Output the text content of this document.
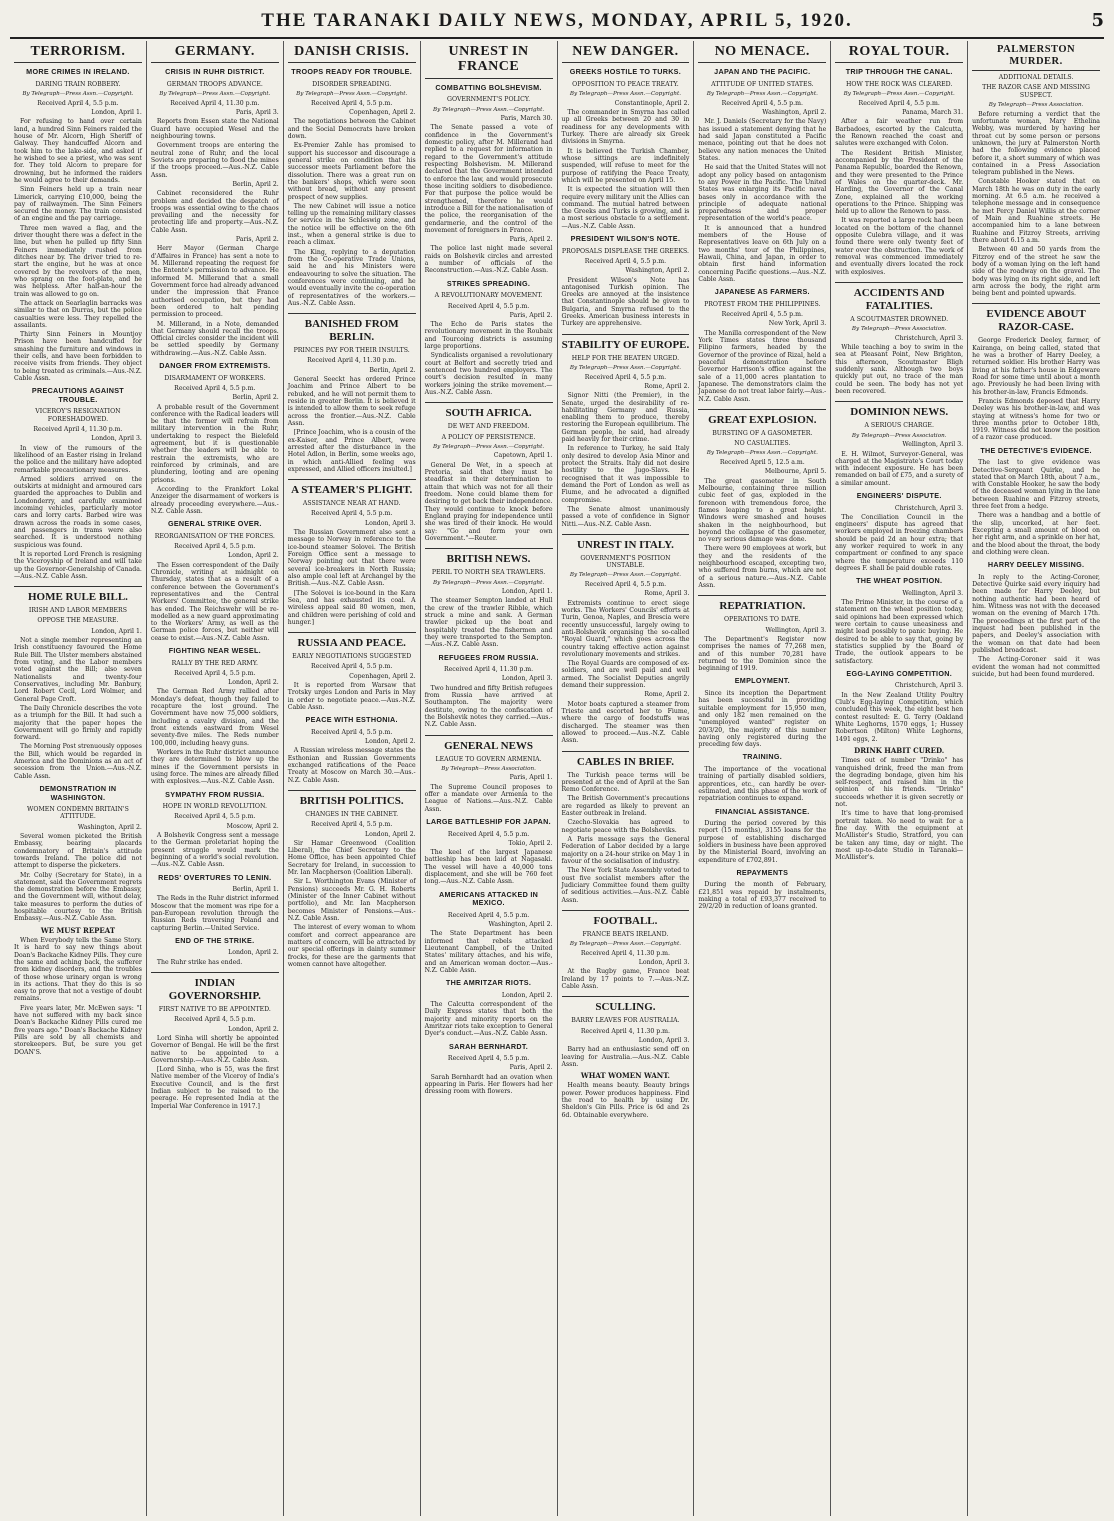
THE TARANAKI DAILY NEWS, MONDAY, APRIL 5, 1920.	5
TERRORISM.
MORE CRIMES IN IRELAND.
DARING TRAIN ROBBERY.
By Telegraph—Press Assn.—Copyright.
Received April 4, 5.5 p.m.
London, April 1.

For refusing to hand over certain land, a hundred Sinn Feiners raided the house of Mr. Alcorn, High Sheriff of Galway. They handcuffed Alcorn and took him to the lake-side, and asked if he wished to see a priest, who was sent for. They told Alcorn to prepare for drowning, but he informed the raiders he would agree to their demands.

Sinn Feiners held up a train near Limerick, carrying £10,000, being the pay of railwaymen. The Sinn Feiners secured the money. The train consisted of an engine and the pay carriage.

Three men waved a flag, and the driver thought there was a defect in the line, but when he pulled up fifty Sinn Feiners immediately rushed from ditches near by. The driver tried to re-start the engine, but he was at once covered by the revolvers of the men, who sprang on the foot-plate, and he was helpless. After half-an-hour the train was allowed to go on.

The attack on Searlaglin barracks was similar to that on Durras, but the police casualties were less. They repelled the assailants.

Thirty Sinn Feiners in Mountjoy Prison have been handcuffed for smashing the furniture and windows in their cells, and have been forbidden to receive visits from friends. They object to being treated as criminals.—Aus.-N.Z. Cable Assn.

PRECAUTIONS AGAINST TROUBLE.
VICEROY'S RESIGNATION FORESHADOWED.
Received April 4, 11.30 p.m.
London, April 3.

In view of the rumours of the likelihood of an Easter rising in Ireland the police and the military have adopted remarkable precautionary measures.

Armed soldiers arrived on the outskirts at midnight and armoured cars guarded the approaches to Dublin and Londonderry, and carefully examined incoming vehicles, particularly motor cars and lorry carts. Barbed wire was drawn across the roads in some cases, and passengers in trams were also searched. It is understood nothing suspicious was found.

It is reported Lord French is resigning the Viceroyship of Ireland and will take up the Governor-Generalship of Canada.—Aus.-N.Z. Cable Assn.

HOME RULE BILL.
IRISH AND LABOR MEMBERS
OPPOSE THE MEASURE.
London, April 1.

Not a single member representing an Irish constituency favoured the Home Rule Bill. The Ulster members abstained from voting, and the Labor members voted against the Bill; also seven Nationalists and twenty-four Conservatives, including Mr. Banbury, Lord Robert Cecil, Lord Wolmer, and General Page Croft.

The Daily Chronicle describes the vote as a triumph for the Bill. It had such a majority that the paper hopes the Government will go firmly and rapidly forward.

The Morning Post strenuously opposes the Bill, which would be regarded in America and the Dominions as an act of secession from the Union.—Aus.-N.Z. Cable Assn.

DEMONSTRATION IN WASHINGTON.
WOMEN CONDEMN BRITAIN'S ATTITUDE.
Washington, April 2.

Several women picketed the British Embassy, bearing placards condemnatory of Britain's attitude towards Ireland. The police did not attempt to disperse the picketers.

Mr. Colby (Secretary for State), in a statement, said the Government regrets the demonstration before the Embassy, and the Government will, without delay, take measures to perform the duties of hospitable courtesy to the British Embassy.—Aus.-N.Z. Cable Assn.

WE MUST REPEAT

When Everybody tells the Same Story. It is hard to say new things about Doan's Backache Kidney Pills. They cure the same and aching back, the sufferer from kidney disorders, and the troubles of those whose urinary organ is wrong in its actions. That they do this is so easy to prove that not a vestige of doubt remains.

Five years later, Mr. McEwen says: "I have not suffered with my back since Doan's Backache Kidney Pills cured me five years ago." Doan's Backache Kidney Pills are sold by all chemists and storekeepers. But, be sure you get DOAN'S.

GERMANY.
CRISIS IN RUHR DISTRICT.
GERMAN TROOPS ADVANCE.
By Telegraph—Press Assn.—Copyright.
Received April 4, 11.30 p.m.
Paris, April 3.

Reports from Essen state the National Guard have occupied Wesel and the neighbouring towns.

Government troops are entering the neutral zone of Ruhr, and the local Soviets are preparing to flood the mines if the troops proceed.—Aus.-N.Z. Cable Assn.

Berlin, April 2.

Cabinet reconsidered the Ruhr problem and decided the despatch of troops was essential owing to the chaos prevailing and the necessity for protecting life and property.—Aus.-N.Z. Cable Assn.

Paris, April 2.

Herr Mayor (German Charge d'Affaires in France) has sent a note to M. Millerand repeating the request for the Entente's permission to advance. He informed M. Millerand that a small Government force had already advanced under the impression that France authorised occupation, but they had been ordered to halt pending permission to proceed.

M. Millerand, in a Note, demanded that Germany should recall the troops. Official circles consider the incident will be settled speedily by Germany withdrawing.—Aus.-N.Z. Cable Assn.

DANGER FROM EXTREMISTS.
DISARMAMENT OF WORKERS.
Received April 4, 5.5 p.m.
Berlin, April 2.

A probable result of the Government conference with the Radical leaders will be that the former will refrain from military intervention in the Ruhr, undertaking to respect the Bielefeld agreement, but it is questionable whether the leaders will be able to restrain the extremists, who are reinforced by criminals, and are plundering, looting and are opening prisons.

According to the Frankfort Lokal Anzeiger the disarmament of workers is already proceeding everywhere.—Aus.-N.Z. Cable Assn.

GENERAL STRIKE OVER.
REORGANISATION OF THE FORCES.
Received April 4, 5.5 p.m.
London, April 2.

The Essen correspondent of the Daily Chronicle, writing at midnight on Thursday, states that as a result of a conference between the Government's representatives and the Central Workers' Committee, the general strike has ended. The Reichswehr will be re-modelled as a new guard approximating to the Workers' Army, as well as the German police forces, but neither will cease to exist.—Aus.-N.Z. Cable Assn.

FIGHTING NEAR WESEL.
RALLY BY THE RED ARMY.
Received April 4, 5.5 p.m.
London, April 2.

The German Red Army rallied after Monday's defeat, though they failed to recapture the lost ground. The Government have now 75,000 soldiers, including a cavalry division, and the front extends eastward from Wesel seventy-five miles. The Reds number 100,000, including heavy guns.

Workers in the Ruhr district announce they are determined to blow up the mines if the Government persists in using force. The mines are already filled with explosives.—Aus.-N.Z. Cable Assn.

SYMPATHY FROM RUSSIA.
HOPE IN WORLD REVOLUTION.
Received April 4, 5.5 p.m.
Moscow, April 2.

A Bolshevik Congress sent a message to the German proletariat hoping the present struggle would mark the beginning of a world's social revolution.—Aus.-N.Z. Cable Assn.

REDS' OVERTURES TO LENIN.
Berlin, April 1.

The Reds in the Ruhr district informed Moscow that the moment was ripe for a pan-European revolution through the Russian Reds traversing Poland and capturing Berlin.—United Service.

END OF THE STRIKE.
London, April 2.

The Ruhr strike has ended.

INDIAN GOVERNORSHIP.
FIRST NATIVE TO BE APPOINTED.
Received April 4, 5.5 p.m.
London, April 2.

Lord Sinha will shortly be appointed Governor of Bengal. He will be the first native to be appointed to a Governorship.—Aus.-N.Z. Cable Assn.

[Lord Sinha, who is 55, was the first Native member of the Viceroy of India's Executive Council, and is the first Indian subject to be raised to the peerage. He represented India at the Imperial War Conference in 1917.]

DANISH CRISIS.
TROOPS READY FOR TROUBLE.
DISORDER SPREADING.
By Telegraph—Press Assn.—Copyright.
Received April 4, 5.5 p.m.
Copenhagen, April 2.

The negotiations between the Cabinet and the Social Democrats have broken down.

Ex-Premier Zahle has promised to support his successor and discourage a general strike on condition that his successor meets Parliament before the dissolution. There was a great run on the bankers' shops, which were soon without bread, without any present prospect of new supplies.

The new Cabinet will issue a notice telling up the remaining military classes for service in the Schleswig zone, and the notice will be effective on the 6th inst., when a general strike is due to reach a climax.

The King, replying to a deputation from the Co-operative Trade Unions, said he and his Ministers were endeavouring to solve the situation. The conferences were continuing, and he would eventually invite the co-operation of representatives of the workers.—Aus.-N.Z. Cable Assn.

BANISHED FROM BERLIN.
PRINCES PAY FOR THEIR INSULTS.
Received April 4, 11.30 p.m.
Berlin, April 2.

General Seeckt has ordered Prince Joachim and Prince Albert to be rebuked, and he will not permit them to reside in greater Berlin. It is believed it is intended to allow them to seek refuge across the frontier.—Aus.-N.Z. Cable Assn.

[Prince Joachim, who is a cousin of the ex-Kaiser, and Prince Albert, were arrested after the disturbance in the Hotel Adlon, in Berlin, some weeks ago, in which anti-Allied feeling was expressed, and Allied officers insulted.]

A STEAMER'S PLIGHT.
ASSISTANCE NEAR AT HAND.
Received April 4, 5.5 p.m.
London, April 3.

The Russian Government also sent a message to Norway in reference to the ice-bound steamer Solovei. The British Foreign Office sent a message to Norway pointing out that there were several ice-breakers in North Russia; also ample coal left at Archangel by the British.—Aus.-N.Z. Cable Assn.

[The Solovei is ice-bound in the Kara Sea, and has exhausted its coal. A wireless appeal said 80 women, men, and children were perishing of cold and hunger.]

RUSSIA AND PEACE.
EARLY NEGOTIATIONS SUGGESTED
Received April 4, 5.5 p.m.
Copenhagen, April 2.

It is reported from Warsaw that Trotsky urges London and Paris in May in order to negotiate peace.—Aus.-N.Z. Cable Assn.

PEACE WITH ESTHONIA.
Received April 4, 5.5 p.m.
London, April 2.

A Russian wireless message states the Esthonian and Russian Governments exchanged ratifications of the Peace Treaty at Moscow on March 30.—Aus.-N.Z. Cable Assn.

BRITISH POLITICS.
CHANGES IN THE CABINET.
Received April 4, 5.5 p.m.
London, April 2.

Sir Hamar Greenwood (Coalition Liberal), the Chief Secretary to the Home Office, has been appointed Chief Secretary for Ireland, in succession to Mr. Ian Macpherson (Coalition Liberal).

Sir L. Worthington Evans (Minister of Pensions) succeeds Mr. G. H. Roberts (Minister of the Inner Cabinet without portfolio), and Mr. Ian Macpherson becomes Minister of Pensions.—Aus.-N.Z. Cable Assn.

The interest of every woman to whom comfort and correct appearance are matters of concern, will be attracted by our special offerings in dainty summer frocks, for these are the garments that women cannot have altogether.

UNREST IN FRANCE
COMBATTING BOLSHEVISM.
GOVERNMENT'S POLICY.
By Telegraph—Press Assn.—Copyright.
Paris, March 30.

The Senate passed a vote of confidence in the Government's domestic policy, after M. Millerand had replied to a request for information in regard to the Government's attitude respecting Bolshevism. M. Millerand declared that the Government intended to enforce the law, and would prosecute those inciting soldiers to disobedience. For that purpose the police would be strengthened, therefore he would introduce a Bill for the nationalisation of the police, the reorganisation of the gendarmerie, and the control of the movement of foreigners in France.

Paris, April 2.

The police last night made several raids on Bolshevik circles and arrested a number of officials of the Reconstruction.—Aus.-N.Z. Cable Assn.

STRIKES SPREADING.
A REVOLUTIONARY MOVEMENT.
Received April 4, 5.5 p.m.
Paris, April 2.

The Echo de Paris states the revolutionary movement in the Roubaix and Tourcoing districts is assuming large proportions.

Syndicalists organised a revolutionary court at Belfort and secretly tried and sentenced two hundred employers. The court's decision resulted in many workers joining the strike movement.—Aus.-N.Z. Cable Assn.

SOUTH AFRICA.
DE WET AND FREEDOM.
A POLICY OF PERSISTENCE.
By Telegraph—Press Assn.—Copyright.
Capetown, April 1.

General De Wet, in a speech at Pretoria, said that they must be steadfast in their determination to attain that which was not for all their freedom. None could blame them for desiring to get back their independence. They would continue to knock before England praying for independence until she was tired of their knock. He would say: "Go and form your own Government."—Reuter.

BRITISH NEWS.
PERIL TO NORTH SEA TRAWLERS.
By Telegraph—Press Assn.—Copyright.
London, April 1.

The steamer Sempton landed at Hull the crew of the trawler Ribble, which struck a mine and sank. A German trawler picked up the boat and hospitably treated the fishermen and they were transported to the Sempton.—Aus.-N.Z. Cable Assn.

REFUGEES FROM RUSSIA.
Received April 4, 11.30 p.m.
London, April 3.

Two hundred and fifty British refugees from Russia have arrived at Southampton. The majority were destitute, owing to the confiscation of the Bolshevik notes they carried.—Aus.-N.Z. Cable Assn.

GENERAL NEWS
LEAGUE TO GOVERN ARMENIA.
By Telegraph—Press Association.
Paris, April 1.

The Supreme Council proposes to offer a mandate over Armenia to the League of Nations.—Aus.-N.Z. Cable Assn.

LARGE BATTLESHIP FOR JAPAN.
Received April 4, 5.5 p.m.
Tokio, April 2.

The keel of the largest Japanese battleship has been laid at Nagasaki. The vessel will have a 40,000 tons displacement, and she will be 760 feet long.—Aus.-N.Z. Cable Assn.

AMERICANS ATTACKED IN MEXICO.
Received April 4, 5.5 p.m.
Washington, April 2.

The State Department has been informed that rebels attacked Lieutenant Campbell, of the United States' military attaches, and his wife, and an American woman doctor.—Aus.-N.Z. Cable Assn.

THE AMRITZAR RIOTS.
London, April 2.

The Calcutta correspondent of the Daily Express states that both the majority and minority reports on the Amritzar riots take exception to General Dyer's conduct.—Aus.-N.Z. Cable Assn.

SARAH BERNHARDT.
Received April 4, 5.5 p.m.
Paris, April 2.

Sarah Bernhardt had an ovation when appearing in Paris. Her flowers had her dressing room with flowers.

NEW DANGER.
GREEKS HOSTILE TO TURKS.
OPPOSITION TO PEACE TREATY.
By Telegraph—Press Assn.—Copyright.
Constantinople, April 2.

The commander in Smyrna has called up all Greeks between 20 and 30 in readiness for any developments with Turkey. There are already six Greek divisions in Smyrna.

It is believed the Turkish Chamber, whose sittings are indefinitely suspended, will refuse to meet for the purpose of ratifying the Peace Treaty, which will be presented on April 15.

It is expected the situation will then require every military unit the Allies can command. The mutual hatred between the Greeks and Turks is growing, and is a most serious obstacle to a settlement.—Aus.-N.Z. Cable Assn.

PRESIDENT WILSON'S NOTE.
PROPOSALS DISPLEASE THE GREEKS.
Received April 4, 5.5 p.m.
Washington, April 2.

President Wilson's Note has antagonised Turkish opinion. The Greeks are annoyed at the insistence that Constantinople should be given to Bulgaria, and Smyrna refused to the Greeks. American business interests in Turkey are apprehensive.

STABILITY OF EUROPE.
HELP FOR THE BEATEN URGED.
By Telegraph—Press Assn.—Copyright.
Received April 4, 5.5 p.m.
Rome, April 2.

Signor Nitti (the Premier), in the Senate, urged the desirability of re-habilitating Germany and Russia, enabling them to produce, thereby restoring the European equilibrium. The German people, he said, had already paid heavily for their crime.

In reference to Turkey, he said Italy only desired to develop Asia Minor and protect the Straits. Italy did not desire hostility to the Jugo-Slavs. He recognised that it was impossible to demand the Port of London as well as Fiume, and he advocated a dignified compromise.

The Senate almost unanimously passed a vote of confidence in Signor Nitti.—Aus.-N.Z. Cable Assn.

UNREST IN ITALY.
GOVERNMENT'S POSITION UNSTABLE.
By Telegraph—Press Assn.—Copyright.
Received April 4, 5.5 p.m.
Rome, April 3.

Extremists continue to erect siege works. The Workers' Councils' efforts at Turin, Genoa, Naples, and Brescia were recently unsuccessful, largely owing to anti-Bolshevik organising the so-called "Royal Guard," which goes across the country taking effective action against revolutionary movements and strikes.

The Royal Guards are composed of ex-soldiers, and are well paid and well armed. The Socialist Deputies angrily demand their suppression.

Rome, April 2.

Motor boats captured a steamer from Trieste and escorted her to Fiume, where the cargo of foodstuffs was discharged. The steamer was then allowed to proceed.—Aus.-N.Z. Cable Assn.

CABLES IN BRIEF.

The Turkish peace terms will be presented at the end of April at the San Remo Conference.

The British Government's precautions are regarded as likely to prevent an Easter outbreak in Ireland.

Czecho-Slovakia has agreed to negotiate peace with the Bolsheviks.

A Paris message says the General Federation of Labor decided by a large majority on a 24-hour strike on May 1 in favour of the socialisation of industry.

The New York State Assembly voted to oust five socialist members after the Judiciary Committee found them guilty of seditious activities.—Aus.-N.Z. Cable Assn.

FOOTBALL.
FRANCE BEATS IRELAND.
By Telegraph—Press Assn.—Copyright.
Received April 4, 11.30 p.m.
London, April 3.

At the Rugby game, France beat Ireland by 17 points to 7.—Aus.-N.Z. Cable Assn.

SCULLING.
BARRY LEAVES FOR AUSTRALIA.
Received April 4, 11.30 p.m.
London, April 3.

Barry had an enthusiastic send off on leaving for Australia.—Aus.-N.Z. Cable Assn.

WHAT WOMEN WANT.

Health means beauty. Beauty brings power. Power produces happiness. Find the road to health by using Dr. Sheldon's Gin Pills. Price is 6d and 2s 6d. Obtainable everywhere.

NO MENACE.
JAPAN AND THE PACIFIC.
ATTITUDE OF UNITED STATES.
By Telegraph—Press Assn.—Copyright.
Received April 4, 5.5 p.m.
Washington, April 2.

Mr. J. Daniels (Secretary for the Navy) has issued a statement denying that he had said Japan constituted a Pacific menace, pointing out that he does not believe any nation menaces the United States.

He said that the United States will not adopt any policy based on antagonism to any Power in the Pacific. The United States was enlarging its Pacific naval bases only in accordance with the principle of adequate national preparedness and proper representation of the world's peace.

It is announced that a hundred members of the House of Representatives leave on 6th July on a two months' tour of the Philippines, Hawaii, China, and Japan, in order to obtain first hand information concerning Pacific questions.—Aus.-N.Z. Cable Assn.

JAPANESE AS FARMERS.
PROTEST FROM THE PHILIPPINES.
Received April 4, 5.5 p.m.
New York, April 3.

The Manilla correspondent of the New York Times states three thousand Filipino farmers, headed by the Governor of the province of Rizal, held a peaceful demonstration before Governor Harrison's office against the sale of a 11,000 acres plantation to Japanese. The demonstrators claim the Japanese do not treat labor fairly.—Aus.-N.Z. Cable Assn.

GREAT EXPLOSION.
BURSTING OF A GASOMETER.
NO CASUALTIES.
By Telegraph—Press Assn.—Copyright.
Received April 5, 12.5 a.m.
Melbourne, April 5.

The great gasometer in South Melbourne, containing three million cubic feet of gas, exploded in the forenoon with tremendous force, the flames leaping to a great height. Windows were smashed and houses shaken in the neighbourhood, but beyond the collapse of the gasometer, no very serious damage was done.

There were 90 employees at work, but they and the residents of the neighbourhood escaped, excepting two, who suffered from burns, which are not of a serious nature.—Aus.-N.Z. Cable Assn.

REPATRIATION.
OPERATIONS TO DATE.
Wellington, April 3.

The Department's Register now comprises the names of 77,268 men, and of this number 70,281 have returned to the Dominion since the beginning of 1919.

EMPLOYMENT.

Since its inception the Department has been successful in providing suitable employment for 15,950 men, and only 182 men remained on the "unemployed wanted" register on 20/3/20, the majority of this number having only registered during the preceding few days.

TRAINING.

The importance of the vocational training of partially disabled soldiers, apprentices, etc., can hardly be over-estimated, and this phase of the work of repatriation continues to expand.

FINANCIAL ASSISTANCE.

During the period covered by this report (15 months), 3155 loans for the purpose of establishing discharged soldiers in business have been approved by the Ministerial Board, involving an expenditure of £702,891.

REPAYMENTS

During the month of February, £21,851 was repaid by instalments, making a total of £93,377 received to 29/2/20 in reduction of loans granted.

ROYAL TOUR.
TRIP THROUGH THE CANAL.
HOW THE ROCK WAS CLEARED.
By Telegraph—Press Assn.—Copyright.
Received April 4, 5.5 p.m.
Panama, March 31.

After a fair weather run from Barbadoes, escorted by the Calcutta, the Renown reached the coast and salutes were exchanged with Colon.

The Resident British Minister, accompanied by the President of the Panama Republic, boarded the Renown, and they were presented to the Prince of Wales on the quarter-deck. Mr. Harding, the Governor of the Canal Zone, explained all the working operations to the Prince. Shipping was held up to allow the Renown to pass.

It was reported a large rock had been located on the bottom of the channel opposite Culebra village, and it was found there were only twenty feet of water over the obstruction. The work of removal was commenced immediately and eventually divers located the rock with explosives.

ACCIDENTS AND FATALITIES.
A SCOUTMASTER DROWNED.
By Telegraph—Press Association.
Christchurch, April 3.

While teaching a boy to swim in the sea at Pleasant Point, New Brighton, this afternoon, Scoutmaster Bligh suddenly sank. Although two boys quickly put out, no trace of the man could be seen. The body has not yet been recovered.

DOMINION NEWS.
A SERIOUS CHARGE.
By Telegraph—Press Association.
Wellington, April 3.

E. H. Wilmot, Surveyor-General, was charged at the Magistrate's Court today with indecent exposure. He has been remanded on bail of £75, and a surety of a similar amount.

ENGINEERS' DISPUTE.
Christchurch, April 3.

The Conciliation Council in the engineers' dispute has agreed that workers employed in freezing chambers should be paid 2d an hour extra; that any worker required to work in any compartment or confined to any space where the temperature exceeds 110 degrees F. shall be paid double rates.

THE WHEAT POSITION.
Wellington, April 3.

The Prime Minister, in the course of a statement on the wheat position today, said opinions had been expressed which were certain to cause uneasiness and might lead possibly to panic buying. He desired to be able to say that, going by statistics supplied by the Board of Trade, the outlook appears to be satisfactory.

EGG-LAYING COMPETITION.
Christchurch, April 3.

In the New Zealand Utility Poultry Club's Egg-laying Competition, which concluded this week, the eight best hen contest resulted: E. G. Terry (Oakland White Leghorns, 1570 eggs, 1; Hussey Robertson (Milton) White Leghorns, 1491 eggs, 2.

DRINK HABIT CURED.

Times out of number "Drinko" has vanquished drink, freed the man from the degrading bondage, given him his self-respect, and raised him in the opinion of his friends. "Drinko" succeeds whether it is given secretly or not.

It's time to have that long-promised portrait taken. No need to wait for a fine day. With the equipment at McAllister's Studio, Stratford, you can be taken any time, day or night. The most up-to-date Studio in Taranaki—McAllister's.

PALMERSTON MURDER.
ADDITIONAL DETAILS.
THE RAZOR CASE AND MISSING SUSPECT.
By Telegraph—Press Association.

Before returning a verdict that the unfortunate woman, Mary Ethelina Webby, was murdered by having her throat cut by some person or persons unknown, the jury at Palmerston North had the following evidence placed before it, a short summary of which was contained in a Press Association telegram published in the News.

Constable Hooker stated that on March 18th he was on duty in the early morning. At 6.5 a.m. he received a telephone message and in consequence he met Percy Daniel Willis at the corner of Main and Ruahine streets. He accompanied him to a lane between Ruahine and Fitzroy Streets, arriving there about 6.15 a.m.

Between 40 and 50 yards from the Fitzroy end of the street he saw the body of a woman lying on the left hand side of the roadway on the gravel. The body was lying on its right side, and left arm across the body, the right arm being bent and pointed upwards.

EVIDENCE ABOUT RAZOR-CASE.

George Frederick Deeley, farmer, of Kairanga, on being called, stated that he was a brother of Harry Deeley, a returned soldier. His brother Harry was living at his father's house in Edgeware Road for some time until about a month ago. Previously he had been living with his brother-in-law, Francis Edmonds.

Francis Edmonds deposed that Harry Deeley was his brother-in-law, and was staying at witness's home for two or three months prior to October 18th, 1919. Witness did not know the position of a razor case produced.

THE DETECTIVE'S EVIDENCE.

The last to give evidence was Detective-Sergeant Quirke, and he stated that on March 18th, about 7 a.m., with Constable Hooker, he saw the body of the deceased woman lying in the lane between Ruahine and Fitzroy streets, three feet from a hedge.

There was a handbag and a bottle of the slip, uncorked, at her feet. Excepting a small amount of blood on her right arm, and a sprinkle on her hat, and the blood about the throat, the body and clothing were clean.

HARRY DEELEY MISSING.

In reply to the Acting-Coroner, Detective Quirke said every inquiry had been made for Harry Deeley, but nothing authentic had been heard of him. Witness was not with the deceased woman on the evening of March 17th. The proceedings at the first part of the inquest had been published in the papers, and Deeley's association with the woman on that date had been published broadcast.

The Acting-Coroner said it was evident the woman had not committed suicide, but had been found murdered.
